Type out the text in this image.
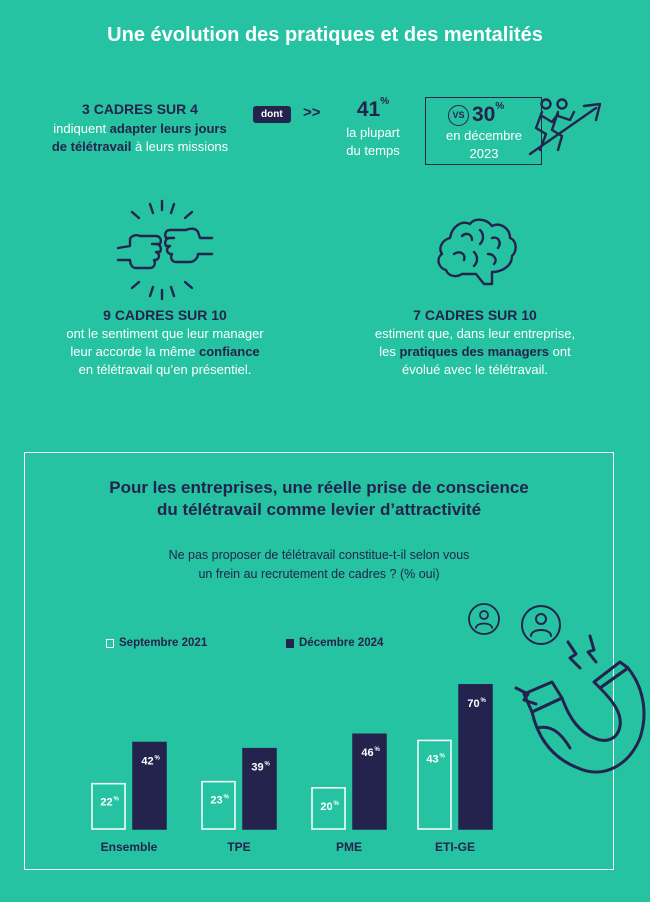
Une évolution des pratiques et des mentalités
3 CADRES SUR 4
indiquent adapter leurs jours
de télétravail à leurs missions
dont	>>	41%
la plupart
du temps
VS 30%
en décembre
2023
9 CADRES SUR 10
ont le sentiment que leur manager
leur accorde la même confiance
en télétravail qu’en présentiel.
7 CADRES SUR 10
estiment que, dans leur entreprise,
les pratiques des managers ont
évolué avec le télétravail.
Pour les entreprises, une réelle prise de conscience
du télétravail comme levier d’attractivité
Ne pas proposer de télétravail constitue-t-il selon vous
un frein au recrutement de cadres ? (% oui)
Septembre 2021	Décembre 2024
22 %
42 %
Ensemble
23 %
39 %
TPE
20 %
46 %
PME
43 %
70 %
ETI-GE
